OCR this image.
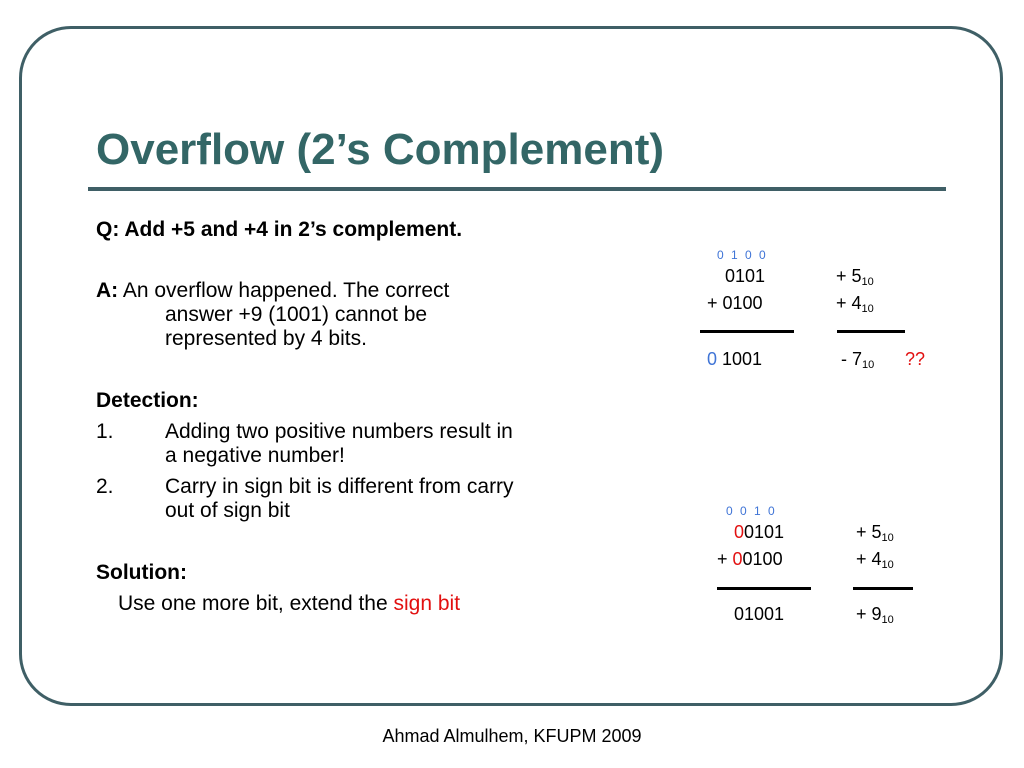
Overflow (2’s Complement)
Q: Add +5 and +4 in 2’s complement.
A: An overflow happened. The correct
answer +9 (1001) cannot be
represented by 4 bits.
Detection:
1. Adding two positive numbers result in
a negative number!
2. Carry in sign bit is different from carry
out of sign bit
Solution:
Use one more bit, extend the sign bit
0 1 0 0
0101
+ 0100
0 1001
+ $5_{10}$
+ $4_{10}$
- $7_{10}$ ??
0 0 1 0
00101
+ 00100
01001
+ $5_{10}$
+ $4_{10}$
+ $9_{10}$
Ahmad Almulhem, KFUPM 2009
